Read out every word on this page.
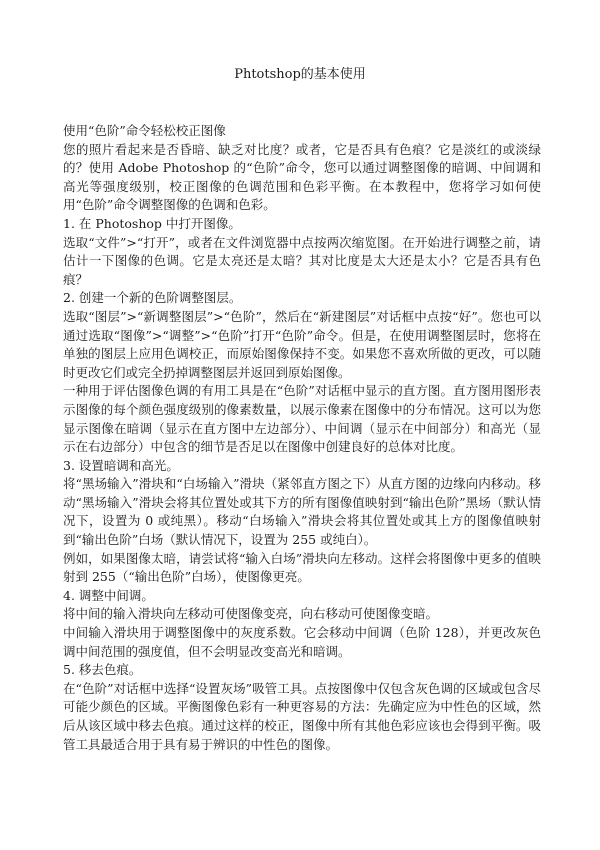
Phtotshop的基本使用

使用“色阶”命令轻松校正图像

您的照片看起来是否昏暗、缺乏对比度？或者，它是否具有色痕？它是淡红的或淡绿的？使用 Adobe Photoshop 的“色阶”命令，您可以通过调整图像的暗调、中间调和高光等强度级别，校正图像的色调范围和色彩平衡。在本教程中，您将学习如何使用“色阶”命令调整图像的色调和色彩。

1. 在 Photoshop 中打开图像。

选取“文件”>“打开”，或者在文件浏览器中点按两次缩览图。在开始进行调整之前，请估计一下图像的色调。它是太亮还是太暗？其对比度是太大还是太小？它是否具有色痕？

2. 创建一个新的色阶调整图层。

选取“图层”>“新调整图层”>“色阶”，然后在“新建图层”对话框中点按“好”。您也可以通过选取“图像”>“调整”>“色阶”打开“色阶”命令。但是，在使用调整图层时，您将在单独的图层上应用色调校正，而原始图像保持不变。如果您不喜欢所做的更改，可以随时更改它们或完全扔掉调整图层并返回到原始图像。

一种用于评估图像色调的有用工具是在“色阶”对话框中显示的直方图。直方图用图形表示图像的每个颜色强度级别的像素数量，以展示像素在图像中的分布情况。这可以为您显示图像在暗调（显示在直方图中左边部分）、中间调（显示在中间部分）和高光（显示在右边部分）中包含的细节是否足以在图像中创建良好的总体对比度。

3. 设置暗调和高光。

将“黑场输入”滑块和“白场输入”滑块（紧邻直方图之下）从直方图的边缘向内移动。移动“黑场输入”滑块会将其位置处或其下方的所有图像值映射到“输出色阶”黑场（默认情况下，设置为 0 或纯黑）。移动“白场输入”滑块会将其位置处或其上方的图像值映射到“输出色阶”白场（默认情况下，设置为 255 或纯白）。

例如，如果图像太暗，请尝试将“输入白场”滑块向左移动。这样会将图像中更多的值映射到 255（“输出色阶”白场），使图像更亮。

4. 调整中间调。

将中间的输入滑块向左移动可使图像变亮，向右移动可使图像变暗。

中间输入滑块用于调整图像中的灰度系数。它会移动中间调（色阶 128），并更改灰色调中间范围的强度值，但不会明显改变高光和暗调。

5. 移去色痕。

在“色阶”对话框中选择“设置灰场”吸管工具。点按图像中仅包含灰色调的区域或包含尽可能少颜色的区域。平衡图像色彩有一种更容易的方法：先确定应为中性色的区域，然后从该区域中移去色痕。通过这样的校正，图像中所有其他色彩应该也会得到平衡。吸管工具最适合用于具有易于辨识的中性色的图像。
